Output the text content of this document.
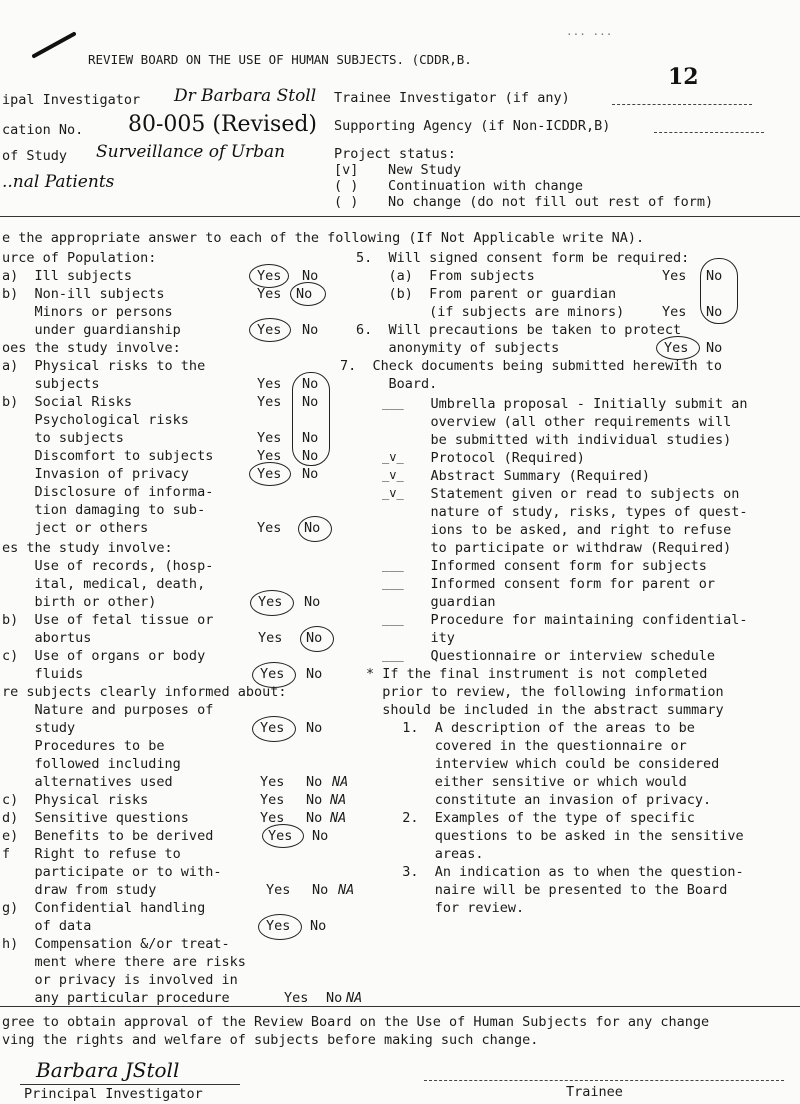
... ...
REVIEW BOARD ON THE USE OF HUMAN SUBJECTS. (CDDR,B.
12
ipal Investigator Dr Barbara Stoll
cation No. 80-005 (Revised)
of Study Surveillance of Urban
..nal Patients
Trainee Investigator (if any)
Supporting Agency (if Non-ICDDR,B)
Project status:
[v] New Study
( ) Continuation with change
( ) No change (do not fill out rest of form)
e the appropriate answer to each of the following (If Not Applicable write NA).
urce of Population:
a)  Ill subjects
b)  Non-ill subjects
Minors or persons
under guardianship
oes the study involve:
a)  Physical risks to the
subjects
b)  Social Risks
Psychological risks
to subjects
Discomfort to subjects
Invasion of privacy
Disclosure of informa-
tion damaging to sub-
ject or others
es the study involve:
Use of records, (hosp-
ital, medical, death,
birth or other)
b)  Use of fetal tissue or
abortus
c)  Use of organs or body
fluids
re subjects clearly informed about:
Nature and purposes of
study
Procedures to be
followed including
alternatives used
c)  Physical risks
d)  Sensitive questions
e)  Benefits to be derived
f   Right to refuse to
participate or to with-
draw from study
g)  Confidential handling
of data
h)  Compensation &/or treat-
ment where there are risks
or privacy is involved in
any particular procedure
Yes No
Yes No
Yes No
Yes No
Yes No
Yes No
Yes No
Yes No
Yes No
Yes No
Yes No
Yes No
Yes No
Yes No NA
Yes No NA
Yes No NA
Yes No
Yes No NA
Yes No
Yes No NA
5.  Will signed consent form be required:
(a)  From subjects
(b)  From parent or guardian
(if subjects are minors)
6.  Will precautions be taken to protect
anonymity of subjects
7.  Check documents being submitted herewith to
Board.
Umbrella proposal - Initially submit an
overview (all other requirements will
be submitted with individual studies)
Protocol (Required)
Abstract Summary (Required)
Statement given or read to subjects on
nature of study, risks, types of quest-
ions to be asked, and right to refuse
to participate or withdraw (Required)
Informed consent form for subjects
Informed consent form for parent or
guardian
Procedure for maintaining confidential-
ity
Questionnaire or interview schedule
* If the final instrument is not completed
prior to review, the following information
should be included in the abstract summary
1.  A description of the areas to be
covered in the questionnaire or
interview which could be considered
either sensitive or which would
constitute an invasion of privacy.
2.  Examples of the type of specific
questions to be asked in the sensitive
areas.
3.  An indication as to when the question-
naire will be presented to the Board
for review.
Yes No
Yes No
Yes No
___
_v_
_v_
_v_
___
___
___
___
gree to obtain approval of the Review Board on the Use of Human Subjects for any change
ving the rights and welfare of subjects before making such change.
Barbara JStoll
Principal Investigator	Trainee
